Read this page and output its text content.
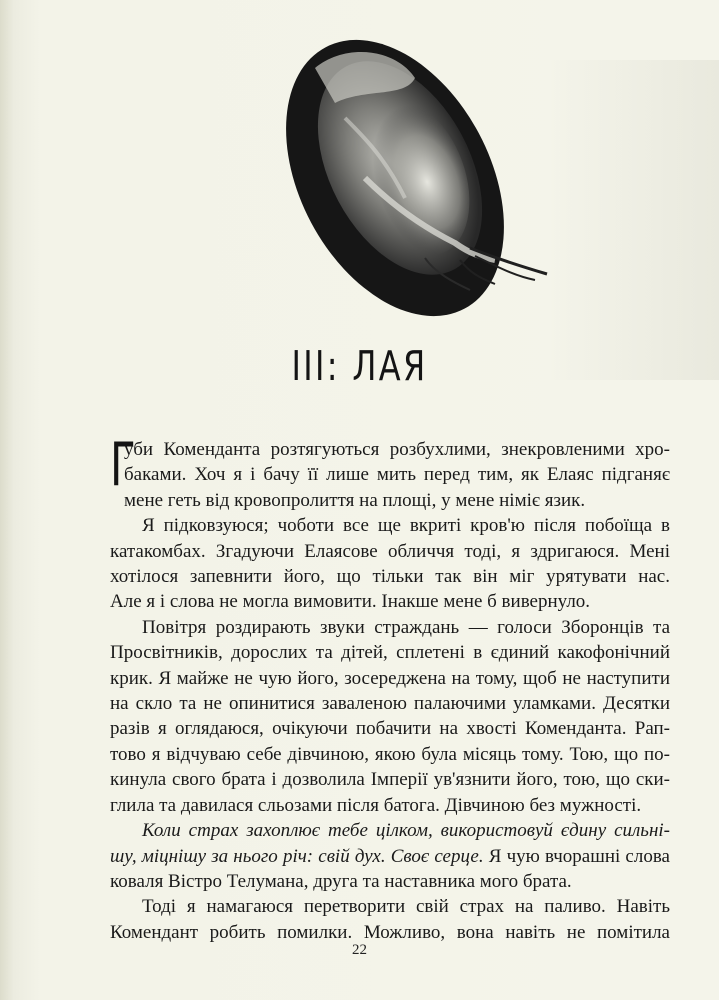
III: ЛАЯ
Г
уби Коменданта розтягуються розбухлими, знекровленими хро-
баками. Хоч я і бачу її лише мить перед тим, як Елаяс підганяє
мене геть від кровопролиття на площі, у мене німіє язик.
Я підковзуюся; чоботи все ще вкриті кров'ю після побоїща в
катакомбах. Згадуючи Елаясове обличчя тоді, я здригаюся. Мені
хотілося запевнити його, що тільки так він міг урятувати нас.
Але я і слова не могла вимовити. Інакше мене б вивернуло.
Повітря роздирають звуки страждань — голоси Зборонців та
Просвітників, дорослих та дітей, сплетені в єдиний какофонічний
крик. Я майже не чую його, зосереджена на тому, щоб не наступити
на скло та не опинитися заваленою палаючими уламками. Десятки
разів я оглядаюся, очікуючи побачити на хвості Коменданта. Рап-
тово я відчуваю себе дівчиною, якою була місяць тому. Тою, що по-
кинула свого брата і дозволила Імперії ув'язнити його, тою, що ски-
глила та давилася сльозами після батога. Дівчиною без мужності.
Коли страх захоплює тебе цілком, використовуй єдину сильні-
шу, міцнішу за нього річ: свій дух. Своє серце. Я чую вчорашні слова
коваля Вістро Телумана, друга та наставника мого брата.
Тоді я намагаюся перетворити свій страх на паливо. Навіть
Комендант робить помилки. Можливо, вона навіть не помітила
22
